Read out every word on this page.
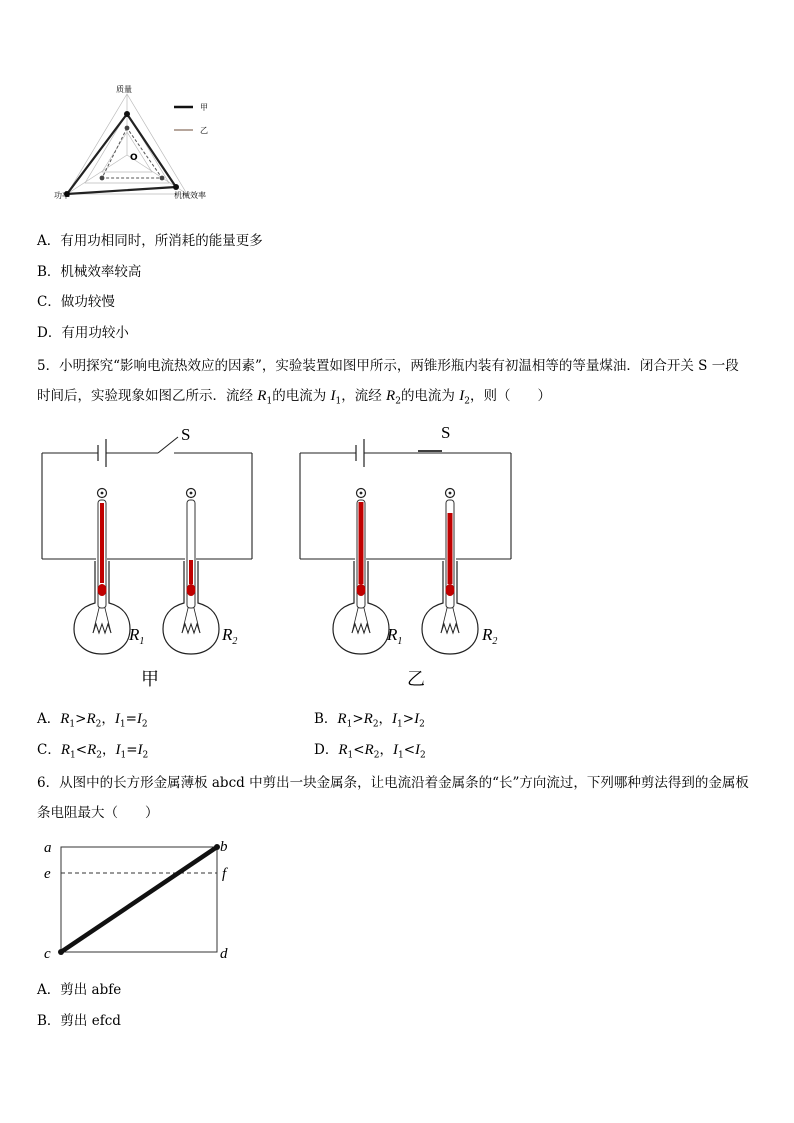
质量
功率	机械效率
O
甲
乙
A．有用功相同时，所消耗的能量更多
B．机械效率较高
C．做功较慢
D．有用功较小
5．小明探究“影响电流热效应的因素”，实验装置如图甲所示，两锥形瓶内装有初温相等的等量煤油．闭合开关 S 一段
时间后，实验现象如图乙所示．流经 $R_1$的电流为 $I_1$，流经 $R_2$的电流为 $I_2$，则（　　）
S
$R_1$	$R_2$
甲
S
$R_1$	$R_2$
乙
A．$R_1>R_2$，$I_1=I_2$	B．$R_1>R_2$，$I_1>I_2$
C．$R_1<R_2$，$I_1=I_2$	D．$R_1<R_2$，$I_1<I_2$
6．从图中的长方形金属薄板 abcd 中剪出一块金属条，让电流沿着金属条的“长”方向流过，下列哪种剪法得到的金属板
条电阻最大（　　）
a	b
e	f
c	d
A．剪出 abfe
B．剪出 efcd
